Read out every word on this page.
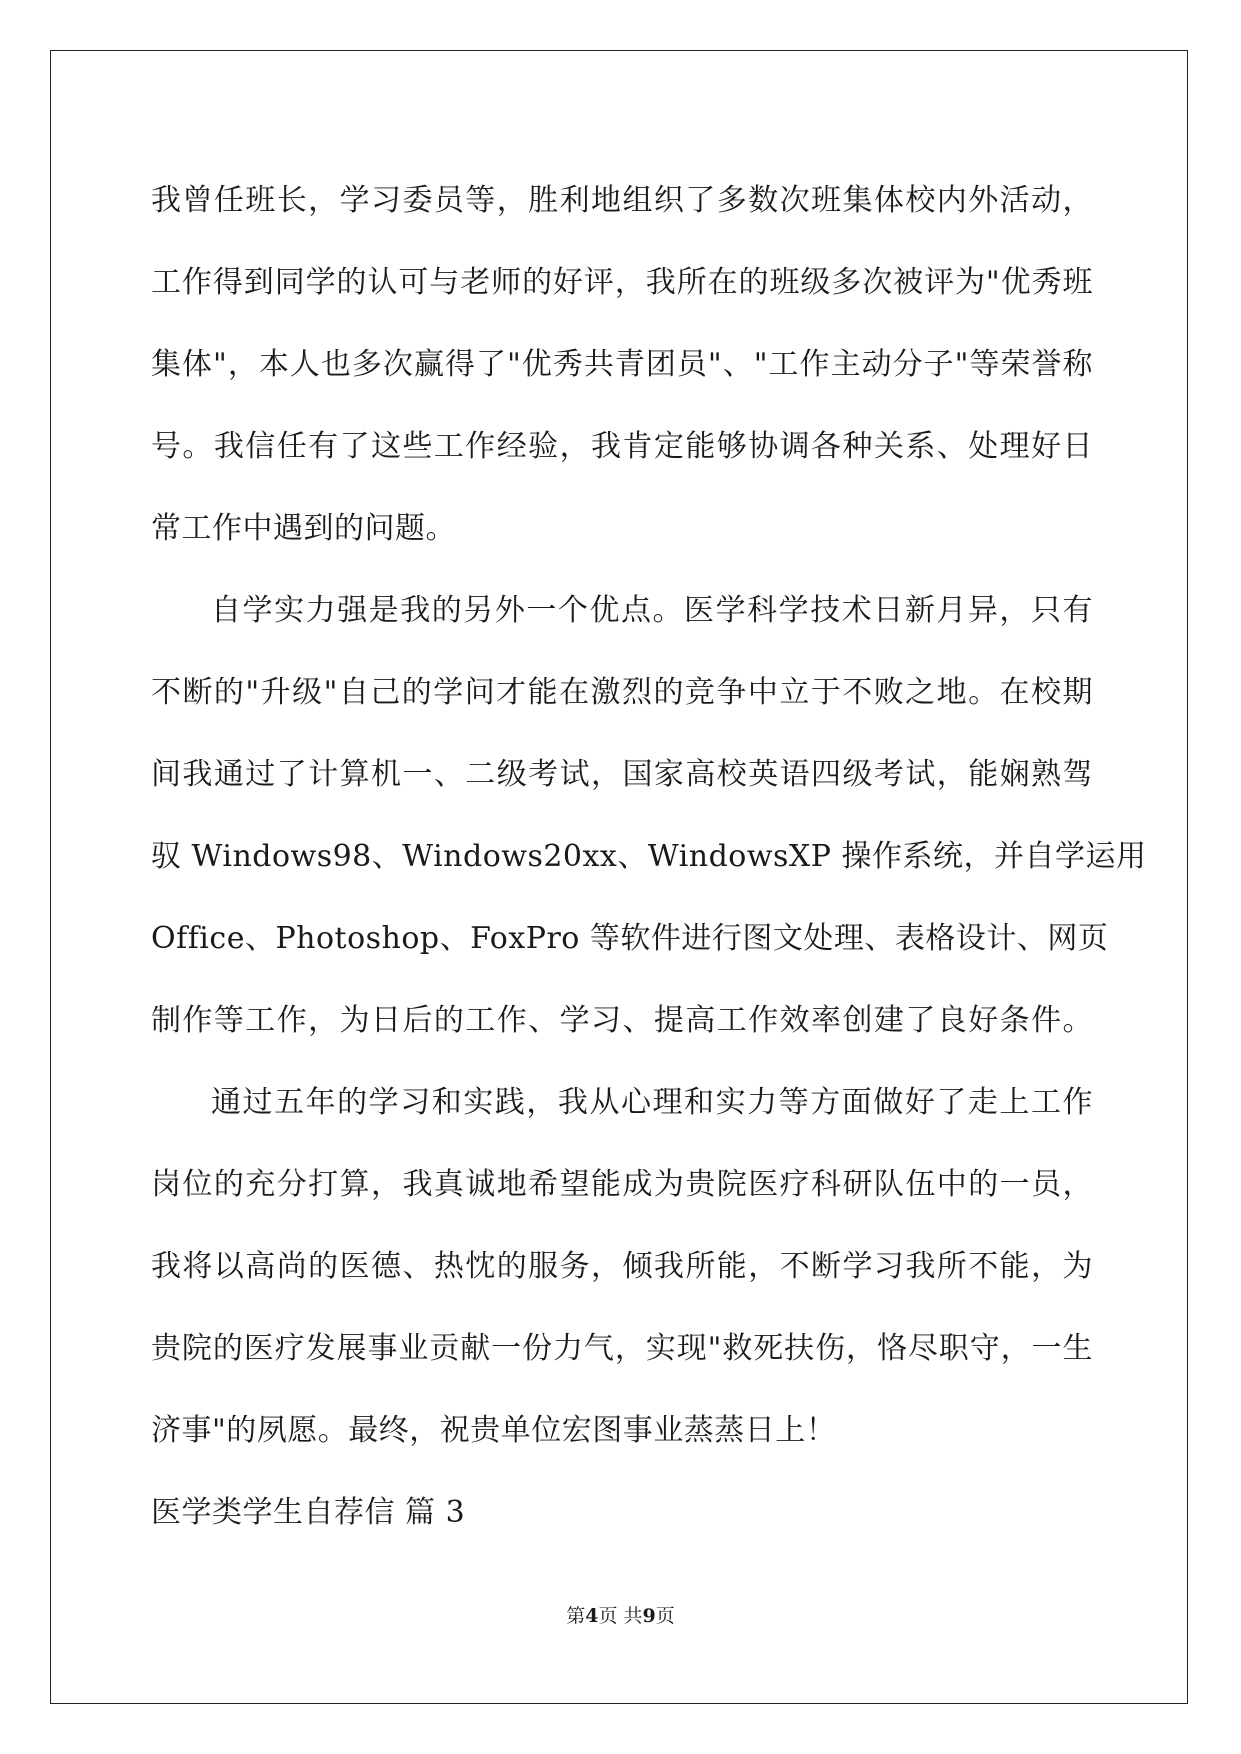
我曾任班长，学习委员等，胜利地组织了多数次班集体校内外活动，
工作得到同学的认可与老师的好评，我所在的班级多次被评为"优秀班
集体"，本人也多次赢得了"优秀共青团员"、"工作主动分子"等荣誉称
号。我信任有了这些工作经验，我肯定能够协调各种关系、处理好日
常工作中遇到的问题。
自学实力强是我的另外一个优点。医学科学技术日新月异，只有
不断的"升级"自己的学问才能在激烈的竞争中立于不败之地。在校期
间我通过了计算机一、二级考试，国家高校英语四级考试，能娴熟驾
驭 Windows98、Windows20xx、WindowsXP 操作系统，并自学运用
Office、Photoshop、FoxPro 等软件进行图文处理、表格设计、网页
制作等工作，为日后的工作、学习、提高工作效率创建了良好条件。
通过五年的学习和实践，我从心理和实力等方面做好了走上工作
岗位的充分打算，我真诚地希望能成为贵院医疗科研队伍中的一员，
我将以高尚的医德、热忱的服务，倾我所能，不断学习我所不能，为
贵院的医疗发展事业贡献一份力气，实现"救死扶伤，恪尽职守，一生
济事"的夙愿。最终，祝贵单位宏图事业蒸蒸日上！
医学类学生自荐信 篇 3
第4页 共9页
